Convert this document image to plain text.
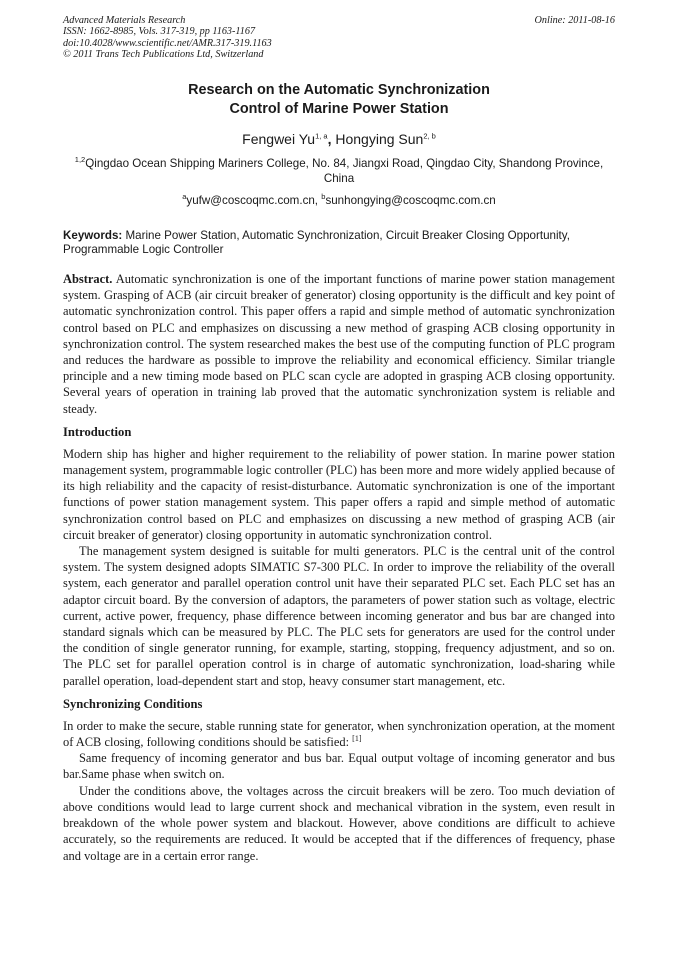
Advanced Materials Research
ISSN: 1662-8985, Vols. 317-319, pp 1163-1167
doi:10.4028/www.scientific.net/AMR.317-319.1163
© 2011 Trans Tech Publications Ltd, Switzerland
Online: 2011-08-16
Research on the Automatic Synchronization
Control of Marine Power Station
Fengwei Yu$^{1, a}$, Hongying Sun$^{2, b}$
$^{1,2}$Qingdao Ocean Shipping Mariners College, No. 84, Jiangxi Road, Qingdao City, Shandong Province, China
$^a$yufw@coscoqmc.com.cn, $^b$sunhongying@coscoqmc.com.cn
Keywords: Marine Power Station, Automatic Synchronization, Circuit Breaker Closing Opportunity, Programmable Logic Controller

Abstract. Automatic synchronization is one of the important functions of marine power station management system. Grasping of ACB (air circuit breaker of generator) closing opportunity is the difficult and key point of automatic synchronization control. This paper offers a rapid and simple method of automatic synchronization control based on PLC and emphasizes on discussing a new method of grasping ACB closing opportunity in synchronization control. The system researched makes the best use of the computing function of PLC program and reduces the hardware as possible to improve the reliability and economical efficiency. Similar triangle principle and a new timing mode based on PLC scan cycle are adopted in grasping ACB closing opportunity. Several years of operation in training lab proved that the automatic synchronization system is reliable and steady.

Introduction

Modern ship has higher and higher requirement to the reliability of power station. In marine power station management system, programmable logic controller (PLC) has been more and more widely applied because of its high reliability and the capacity of resist-disturbance. Automatic synchronization is one of the important functions of power station management system. This paper offers a rapid and simple method of automatic synchronization control based on PLC and emphasizes on discussing a new method of grasping ACB (air circuit breaker of generator) closing opportunity in automatic synchronization control.

The management system designed is suitable for multi generators. PLC is the central unit of the control system. The system designed adopts SIMATIC S7-300 PLC. In order to improve the reliability of the overall system, each generator and parallel operation control unit have their separated PLC set. Each PLC set has an adaptor circuit board. By the conversion of adaptors, the parameters of power station such as voltage, electric current, active power, frequency, phase difference between incoming generator and bus bar are changed into standard signals which can be measured by PLC. The PLC sets for generators are used for the control under the condition of single generator running, for example, starting, stopping, frequency adjustment, and so on. The PLC set for parallel operation control is in charge of automatic synchronization, load-sharing while parallel operation, load-dependent start and stop, heavy consumer start management, etc.

Synchronizing Conditions

In order to make the secure, stable running state for generator, when synchronization operation, at the moment of ACB closing, following conditions should be satisfied: [1]

Same frequency of incoming generator and bus bar. Equal output voltage of incoming generator and bus bar.Same phase when switch on.

Under the conditions above, the voltages across the circuit breakers will be zero. Too much deviation of above conditions would lead to large current shock and mechanical vibration in the system, even result in breakdown of the whole power system and blackout. However, above conditions are difficult to achieve accurately, so the requirements are reduced. It would be accepted that if the differences of frequency, phase and voltage are in a certain error range.
